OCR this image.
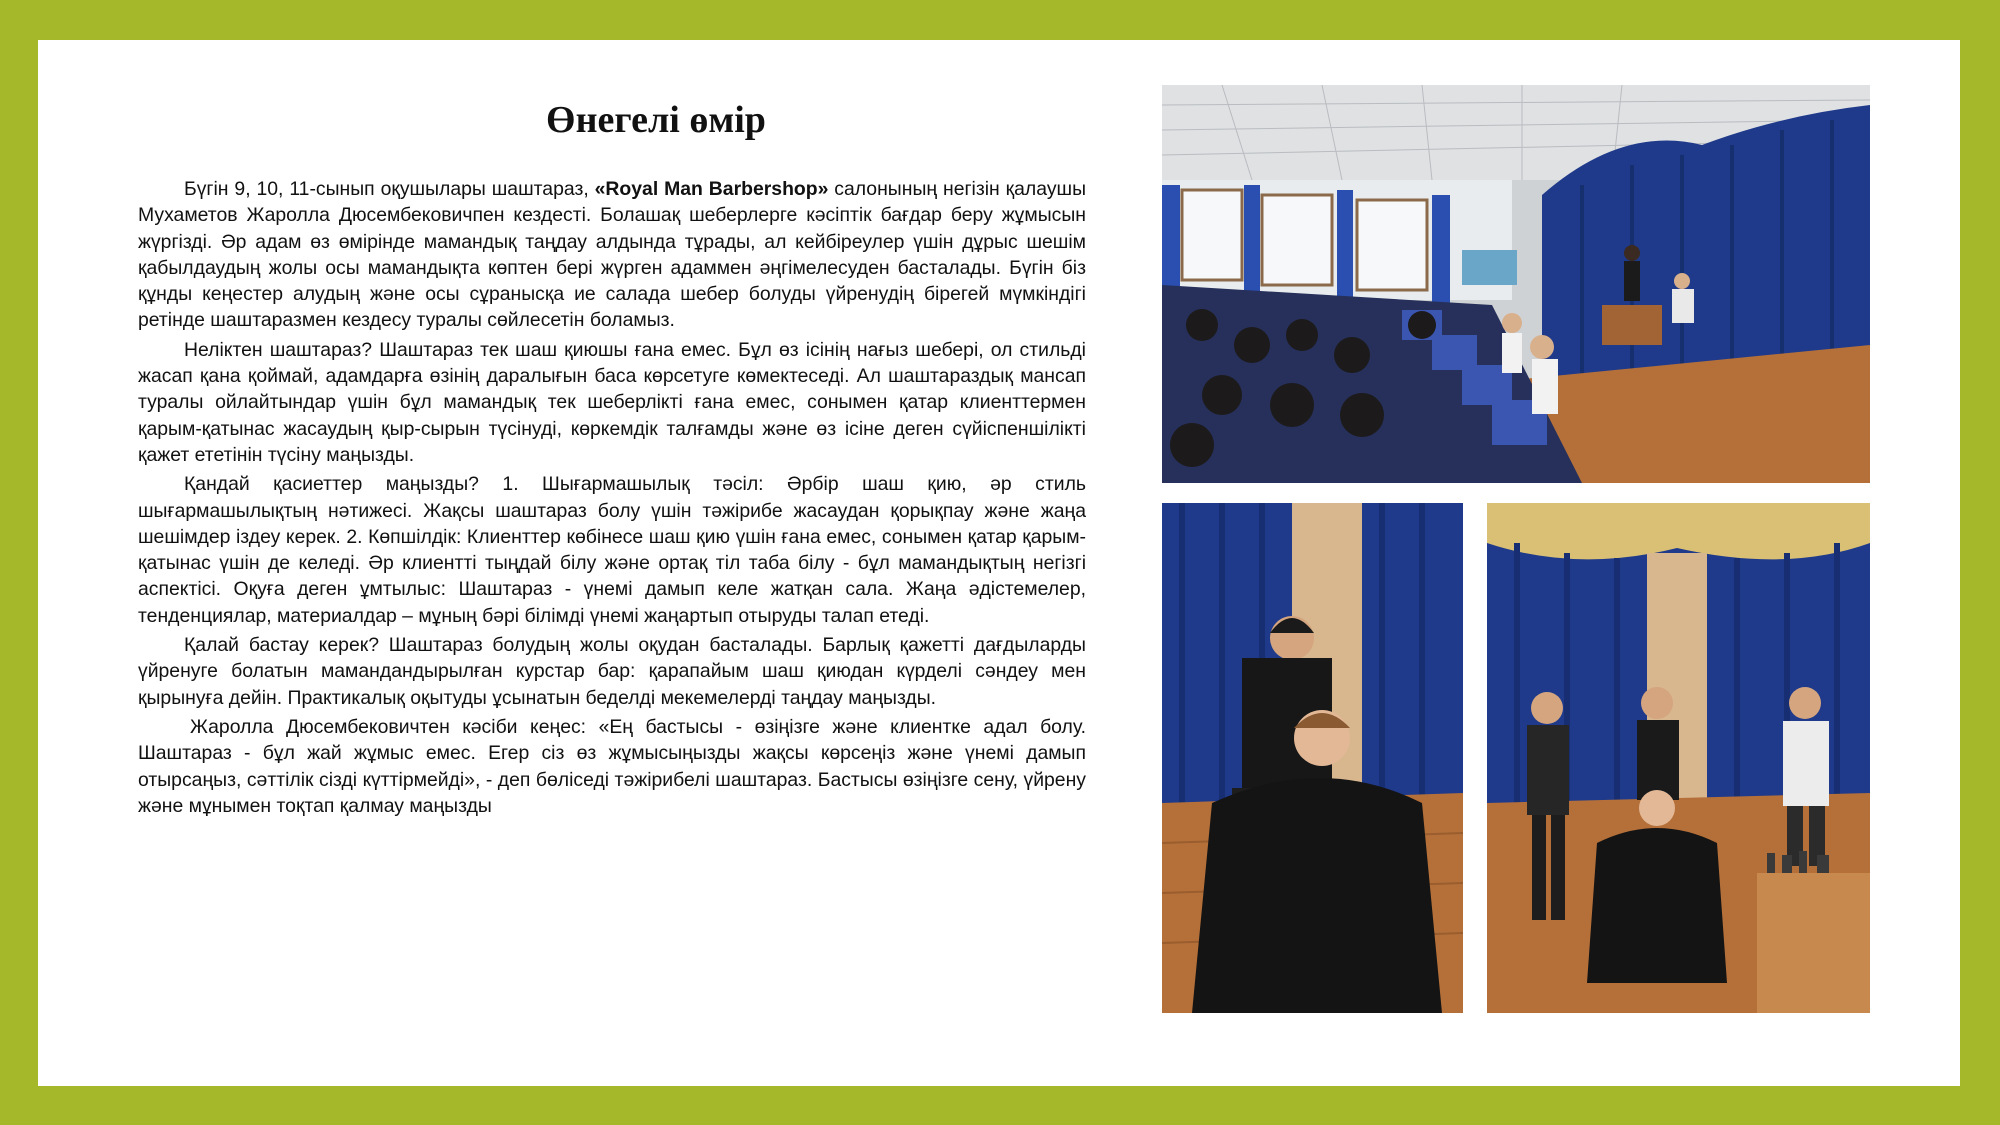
Өнегелі өмір

Бүгін 9, 10, 11-сынып оқушылары шаштараз, «Royal Man Barbershop» салонының негізін қалаушы Мухаметов Жаролла Дюсембековичпен кездесті. Болашақ шеберлерге кәсіптік бағдар беру жұмысын жүргізді. Әр адам өз өмірінде мамандық таңдау алдында тұрады, ал кейбіреулер үшін дұрыс шешім қабылдаудың жолы осы мамандықта көптен бері жүрген адаммен әңгімелесуден басталады. Бүгін біз құнды кеңестер алудың және осы сұранысқа ие салада шебер болуды үйренудің бірегей мүмкіндігі ретінде шаштаразмен кездесу туралы сөйлесетін боламыз.

Неліктен шаштараз? Шаштараз тек шаш қиюшы ғана емес. Бұл өз ісінің нағыз шебері, ол стильді жасап қана қоймай, адамдарға өзінің даралығын баса көрсетуге көмектеседі. Ал шаштараздық мансап туралы ойлайтындар үшін бұл мамандық тек шеберлікті ғана емес, сонымен қатар клиенттермен қарым-қатынас жасаудың қыр-сырын түсінуді, көркемдік талғамды және өз ісіне деген сүйіспеншілікті қажет ететінін түсіну маңызды.

Қандай қасиеттер маңызды? 1. Шығармашылық тәсіл: Әрбір шаш қию, әр стиль шығармашылықтың нәтижесі. Жақсы шаштараз болу үшін тәжірибе жасаудан қорықпау және жаңа шешімдер іздеу керек. 2. Көпшілдік: Клиенттер көбінесе шаш қию үшін ғана емес, сонымен қатар қарым-қатынас үшін де келеді. Әр клиентті тыңдай білу және ортақ тіл таба білу - бұл мамандықтың негізгі аспектісі. Оқуға деген ұмтылыс: Шаштараз - үнемі дамып келе жатқан сала. Жаңа әдістемелер, тенденциялар, материалдар – мұның бәрі білімді үнемі жаңартып отыруды талап етеді.

Қалай бастау керек? Шаштараз болудың жолы оқудан басталады. Барлық қажетті дағдыларды үйренуге болатын мамандандырылған курстар бар: қарапайым шаш қиюдан күрделі сәндеу мен қырынуға дейін. Практикалық оқытуды ұсынатын беделді мекемелерді таңдау маңызды.

Жаролла Дюсембековичтен кәсіби кеңес: «Ең бастысы - өзіңізге және клиентке адал болу. Шаштараз - бұл жай жұмыс емес. Егер сіз өз жұмысыңызды жақсы көрсеңіз және үнемі дамып отырсаңыз, сәттілік сізді күттірмейді», - деп бөліседі тәжірибелі шаштараз. Бастысы өзіңізге сену, үйрену және мұнымен тоқтап қалмау маңызды
